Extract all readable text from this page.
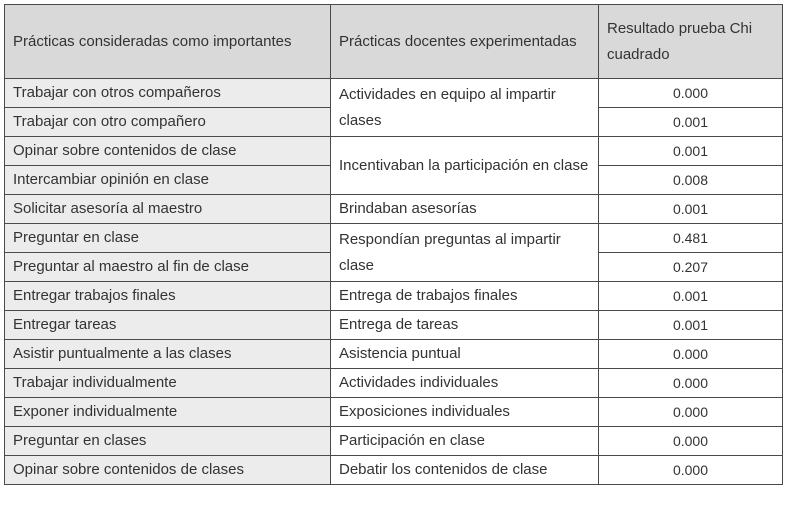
Prácticas consideradas como importantes	Prácticas docentes experimentadas	Resultado prueba Chi cuadrado
Trabajar con otros compañeros	Actividades en equipo al impartir clases	0.000
Trabajar con otro compañero		0.001
Opinar sobre contenidos de clase	Incentivaban la participación en clase	0.001
Intercambiar opinión en clase		0.008
Solicitar asesoría al maestro	Brindaban asesorías	0.001
Preguntar en clase	Respondían preguntas al impartir clase	0.481
Preguntar al maestro al fin de clase		0.207
Entregar trabajos finales	Entrega de trabajos finales	0.001
Entregar tareas	Entrega de tareas	0.001
Asistir puntualmente a las clases	Asistencia puntual	0.000
Trabajar individualmente	Actividades individuales	0.000
Exponer individualmente	Exposiciones individuales	0.000
Preguntar en clases	Participación en clase	0.000
Opinar sobre contenidos de clases	Debatir los contenidos de clase	0.000
